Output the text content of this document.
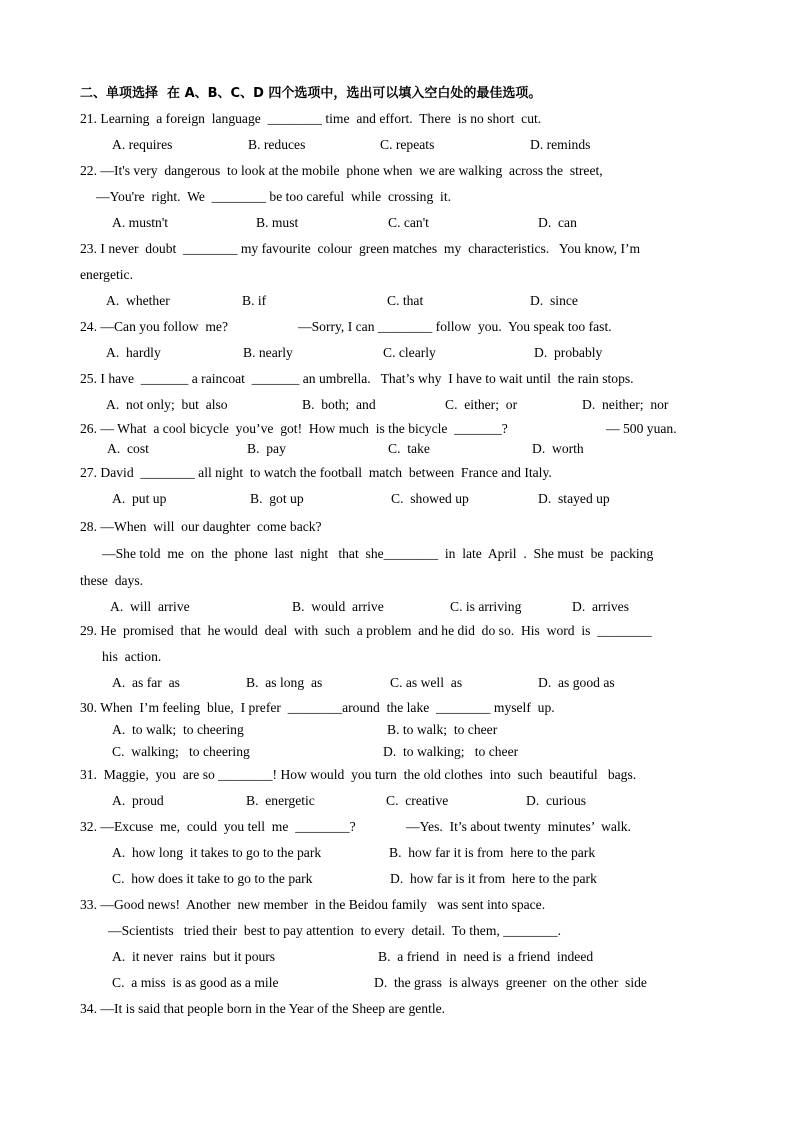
二、单项选择  在 A、B、C、D 四个选项中，选出可以填入空白处的最佳选项。
21. Learning  a foreign  language  ________ time  and effort.  There  is no short  cut.
A. requires	B. reduces	C. repeats	D. reminds
22. —It's very  dangerous  to look at the mobile  phone when  we are walking  across the  street,
—You're  right.  We  ________ be too careful  while  crossing  it.
A. mustn't	B. must	C. can't	D.  can
23. I never  doubt  ________ my favourite  colour  green matches  my  characteristics.   You know, I’m
energetic.
A.  whether	B. if	C. that	D.  since
24. —Can you follow  me?	—Sorry, I can ________ follow  you.  You speak too fast.
A.  hardly	B. nearly	C. clearly	D.  probably
25. I have  _______ a raincoat  _______ an umbrella.   That’s why  I have to wait until  the rain stops.
A.  not only;  but  also	B.  both;  and	C.  either;  or	D.  neither;  nor
26. — What  a cool bicycle  you’ve  got!  How much  is the bicycle  _______?	— 500 yuan.
A.  cost	B.  pay	C.  take	D.  worth
27. David  ________ all night  to watch the football  match  between  France and Italy.
A.  put up	B.  got up	C.  showed up	D.  stayed up
28. —When  will  our daughter  come back?
—She told  me  on  the  phone  last  night   that  she________  in  late  April  .  She must  be  packing
these  days.
A.  will  arrive	B.  would  arrive	C. is arriving	D.  arrives
29. He  promised  that  he would  deal  with  such  a problem  and he did  do so.  His  word  is  ________
his  action.
A.  as far  as	B.  as long  as	C. as well  as	D.  as good as
30. When  I’m feeling  blue,  I prefer  ________around  the lake  ________ myself  up.
A.  to walk;  to cheering	B. to walk;  to cheer
C.  walking;   to cheering	D.  to walking;   to cheer
31.  Maggie,  you  are so ________! How would  you turn  the old clothes  into  such  beautiful   bags.
A.  proud	B.  energetic	C.  creative	D.  curious
32. —Excuse  me,  could  you tell  me  ________?	—Yes.  It’s about twenty  minutes’  walk.
A.  how long  it takes to go to the park	B.  how far it is from  here to the park
C.  how does it take to go to the park	D.  how far is it from  here to the park
33. —Good news!  Another  new member  in the Beidou family   was sent into space.
—Scientists   tried their  best to pay attention  to every  detail.  To them, ________.
A.  it never  rains  but it pours	B.  a friend  in  need is  a friend  indeed
C.  a miss  is as good as a mile	D.  the grass  is always  greener  on the other  side
34. —It is said that people born in the Year of the Sheep are gentle.
